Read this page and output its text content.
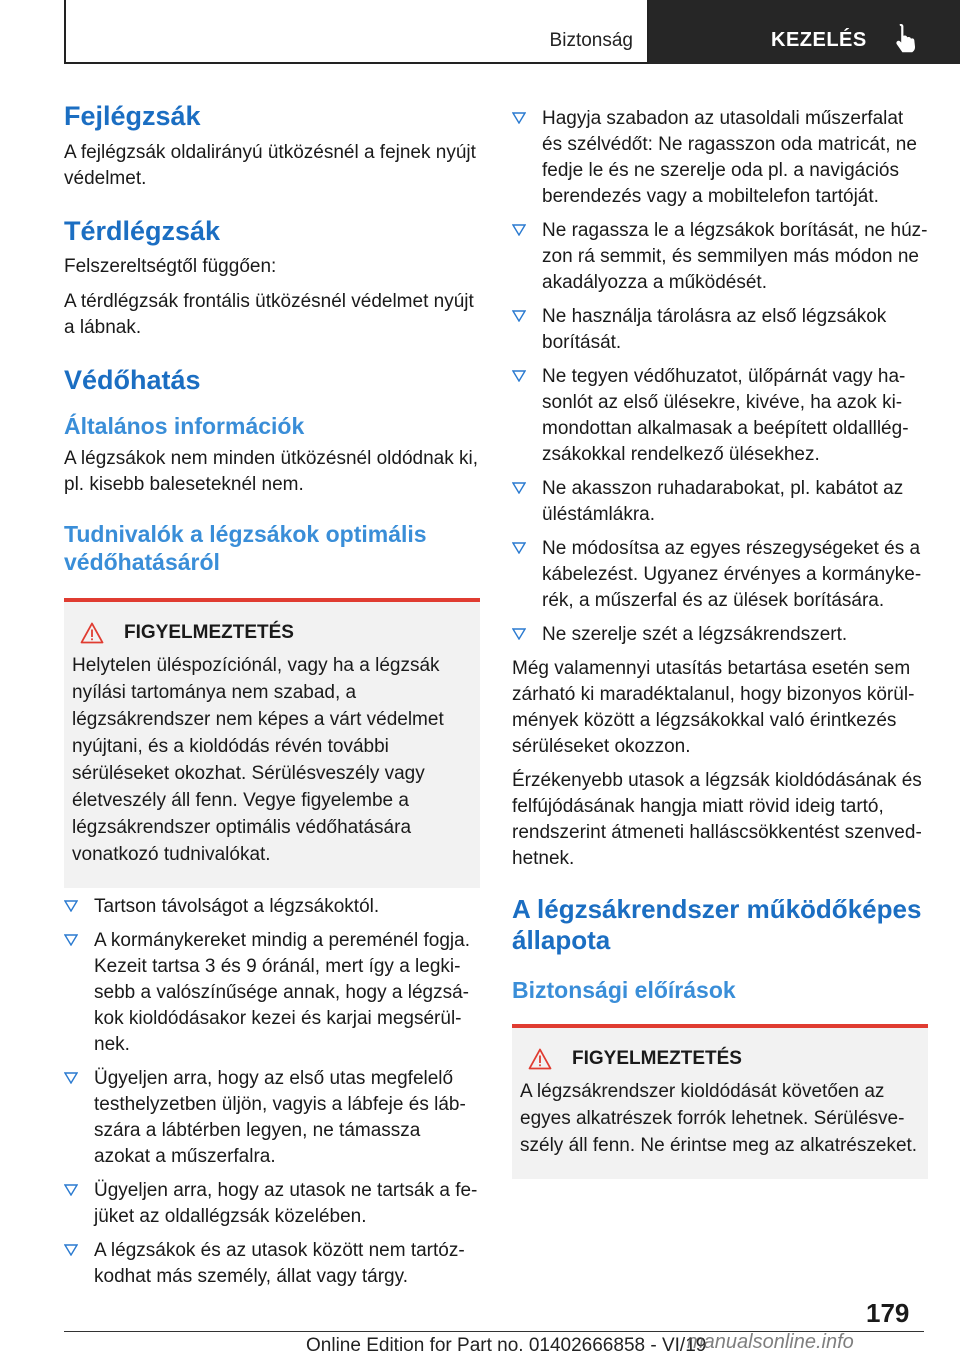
Biztonság	KEZELÉS
Fejlégzsák

A fejlégzsák oldalirányú ütközésnél a fejnek nyújt védelmet.

Térdlégzsák

Felszereltségtől függően:

A térdlégzsák frontális ütközésnél védelmet nyújt a lábnak.

Védőhatás
Általános információk

A légzsákok nem minden ütközésnél oldódnak ki, pl. kisebb baleseteknél nem.

Tudnivalók a légzsákok optimális védőhatásáról
FIGYELMEZTETÉS

Helytelen üléspozíciónál, vagy ha a légzsák nyílási tartománya nem szabad, a légzsákrendszer nem képes a várt védelmet nyújtani, és a kioldódás révén további sérüléseket okozhat. Sérülésveszély vagy életveszély áll fenn. Vegye figyelembe a légzsákrendszer optimális védőhatására vonatkozó tudnivalókat.

Tartson távolságot a légzsákoktól.
A kormánykereket mindig a pereménél fogja. Kezeit tartsa 3 és 9 óránál, mert így a legkisebb a valószínűsége annak, hogy a légzsákok kioldódásakor kezei és karjai megsérülnek.
Ügyeljen arra, hogy az első utas megfelelő testhelyzetben üljön, vagyis a lábfeje és lábszára a lábtérben legyen, ne támassza azokat a műszerfalra.
Ügyeljen arra, hogy az utasok ne tartsák a fejüket az oldallégzsák közelében.
A légzsákok és az utasok között nem tartózkodhat más személy, állat vagy tárgy.
Hagyja szabadon az utasoldali műszerfalat és szélvédőt: Ne ragasszon oda matricát, ne fedje le és ne szerelje oda pl. a navigációs berendezés vagy a mobiltelefon tartóját.
Ne ragassza le a légzsákok borítását, ne húzzon rá semmit, és semmilyen más módon ne akadályozza a működését.
Ne használja tárolásra az első légzsákok borítását.
Ne tegyen védőhuzatot, ülőpárnát vagy hasonlót az első ülésekre, kivéve, ha azok kimondottan alkalmasak a beépített oldalllégzsákokkal rendelkező ülésekhez.
Ne akasszon ruhadarabokat, pl. kabátot az üléstámlákra.
Ne módosítsa az egyes részegységeket és a kábelezést. Ugyanez érvényes a kormánykerék, a műszerfal és az ülések borítására.
Ne szerelje szét a légzsákrendszert.

Még valamennyi utasítás betartása esetén sem zárható ki maradéktalanul, hogy bizonyos körülmények között a légzsákokkal való érintkezés sérüléseket okozzon.

Érzékenyebb utasok a légzsák kioldódásának és felfújódásának hangja miatt rövid ideig tartó, rendszerint átmeneti halláscsökkentést szenvedhetnek.

A légzsákrendszer működőképes állapota
Biztonsági előírások
FIGYELMEZTETÉS

A légzsákrendszer kioldódását követően az egyes alkatrészek forrók lehetnek. Sérülésveszély áll fenn. Ne érintse meg az alkatrészeket.

179
Online Edition for Part no. 01402666858 - VI/19
manualsonline.info
